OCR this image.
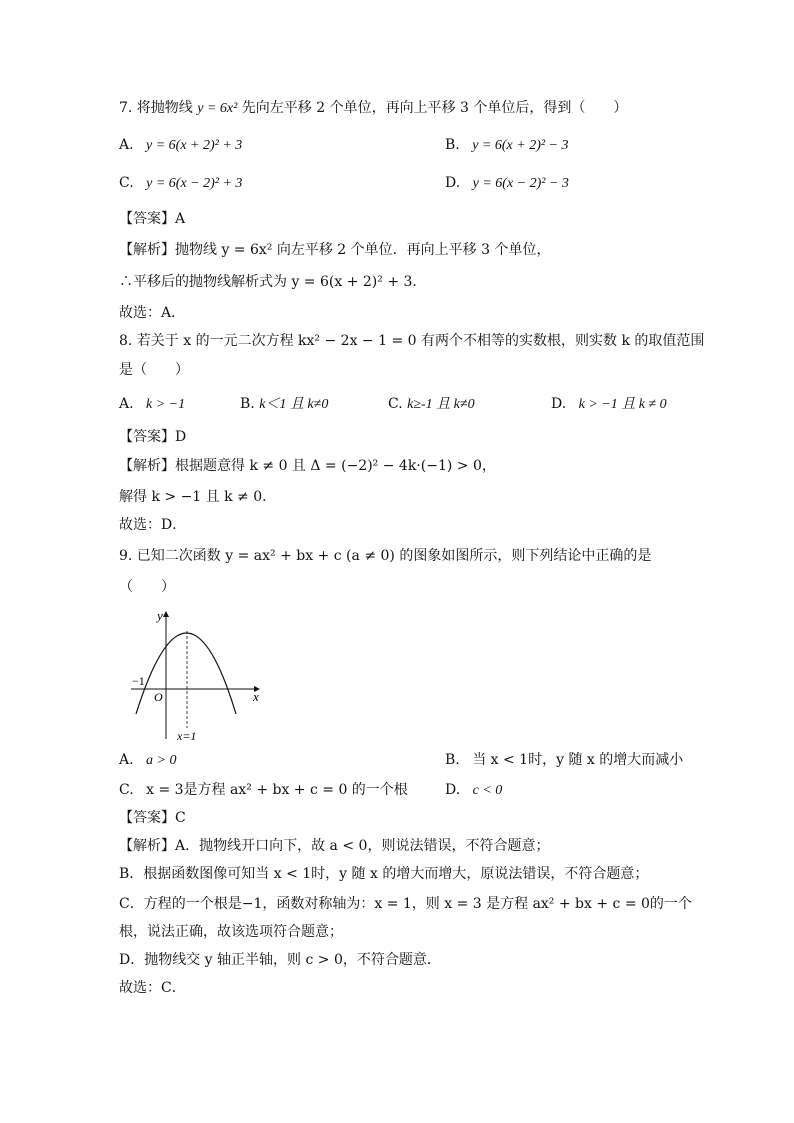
7. 将抛物线 y = 6x² 先向左平移 2 个单位，再向上平移 3 个单位后，得到（　　）
A. y = 6(x + 2)² + 3	B. y = 6(x + 2)² − 3
C. y = 6(x − 2)² + 3	D. y = 6(x − 2)² − 3
【答案】A
【解析】抛物线 y = 6x² 向左平移 2 个单位．再向上平移 3 个单位，
∴平移后的抛物线解析式为 y = 6(x + 2)² + 3．
故选：A．
8. 若关于 x 的一元二次方程 kx² − 2x − 1 = 0 有两个不相等的实数根，则实数 k 的取值范围
是（　　）
A. k > −1	B. k＜1 且 k≠0	C. k≥-1 且 k≠0	D. k > −1 且 k ≠ 0
【答案】D
【解析】根据题意得 k ≠ 0 且 Δ = (−2)² − 4k·(−1) > 0，
解得 k > −1 且 k ≠ 0．
故选：D．
9. 已知二次函数 y = ax² + bx + c (a ≠ 0) 的图象如图所示，则下列结论中正确的是
（　　）
y
x
O
−1
x=1
A. a > 0	B. 当 x < 1时，y 随 x 的增大而减小
C. x = 3是方程 ax² + bx + c = 0 的一个根	D. c < 0
【答案】C
【解析】A．抛物线开口向下，故 a < 0，则说法错误，不符合题意；
B．根据函数图像可知当 x < 1时，y 随 x 的增大而增大，原说法错误，不符合题意；
C．方程的一个根是−1，函数对称轴为：x = 1，则 x = 3 是方程 ax² + bx + c = 0的一个
根，说法正确，故该选项符合题意；
D．抛物线交 y 轴正半轴，则 c > 0，不符合题意．
故选：C．
